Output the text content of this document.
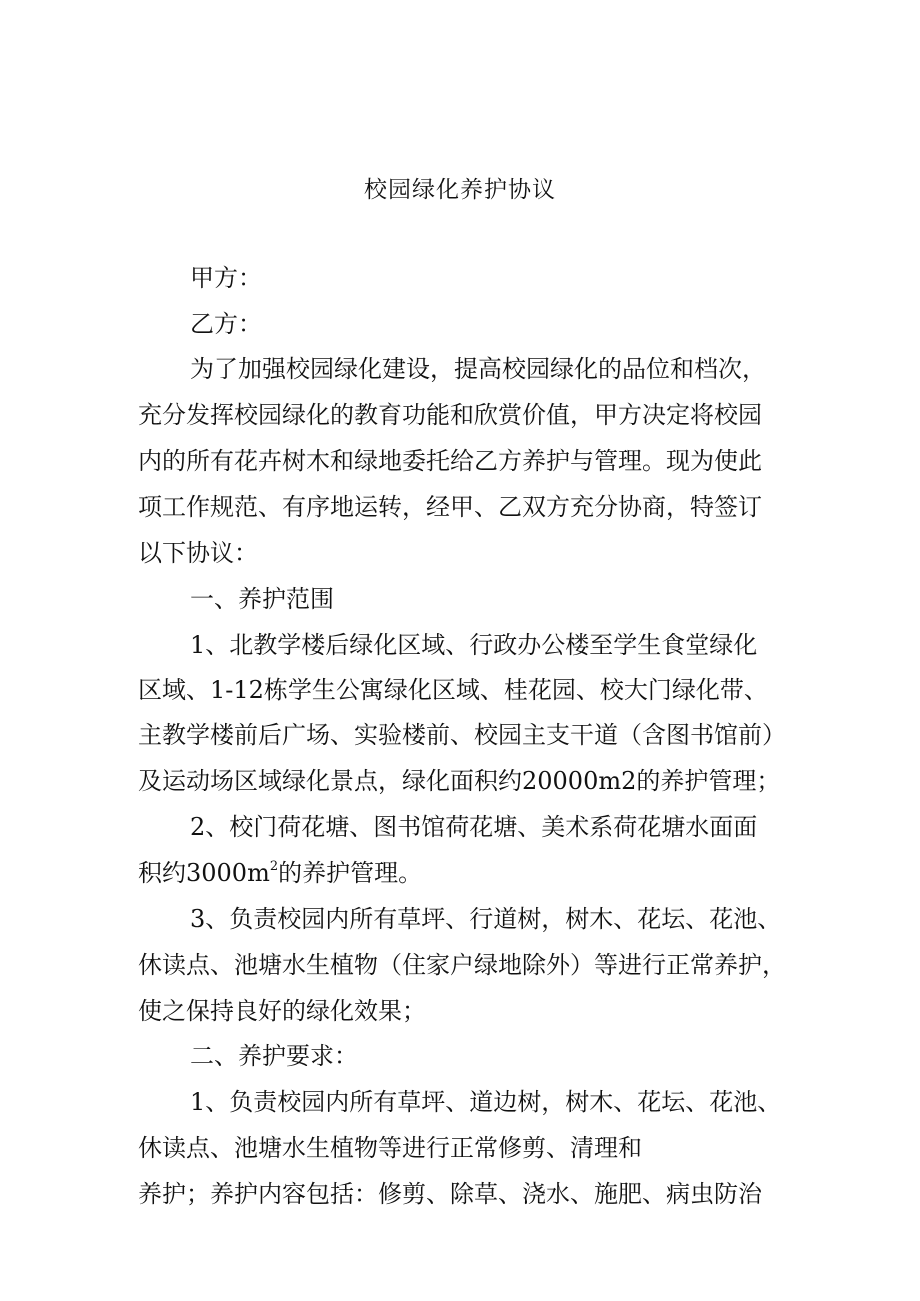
校园绿化养护协议
甲方：
乙方：
为了加强校园绿化建设，提高校园绿化的品位和档次，
充分发挥校园绿化的教育功能和欣赏价值，甲方决定将校园
内的所有花卉树木和绿地委托给乙方养护与管理。现为使此
项工作规范、有序地运转，经甲、乙双方充分协商，特签订
以下协议：
一、养护范围
1、北教学楼后绿化区域、行政办公楼至学生食堂绿化
区域、1-12栋学生公寓绿化区域、桂花园、校大门绿化带、
主教学楼前后广场、实验楼前、校园主支干道（含图书馆前）
及运动场区域绿化景点，绿化面积约20000m2的养护管理；
2、校门荷花塘、图书馆荷花塘、美术系荷花塘水面面
积约$3000m^2$的养护管理。
3、负责校园内所有草坪、行道树，树木、花坛、花池、
休读点、池塘水生植物（住家户绿地除外）等进行正常养护，
使之保持良好的绿化效果；
二、养护要求：
1、负责校园内所有草坪、道边树，树木、花坛、花池、
休读点、池塘水生植物等进行正常修剪、清理和
养护；养护内容包括：修剪、除草、浇水、施肥、病虫防治
